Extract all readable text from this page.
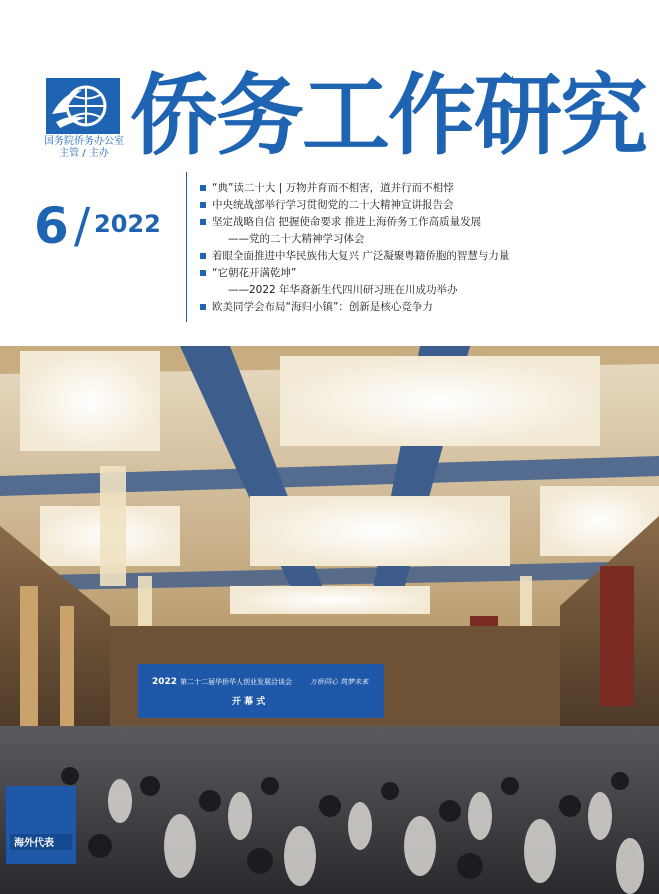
国务院侨务办公室
主管 / 主办 侨务工作研究
6 / 2022
“典”读二十大 | 万物并育而不相害，道并行而不相悖
中央统战部举行学习贯彻党的二十大精神宣讲报告会
坚定战略自信 把握使命要求 推进上海侨务工作高质量发展
——党的二十大精神学习体会
着眼全面推进中华民族伟大复兴 广泛凝聚粤籍侨胞的智慧与力量
“它朝花开满乾坤”
——2022 年华裔新生代四川研习班在川成功举办
欧美同学会布局“海归小镇”：创新是核心竞争力
2022 第二十二届华侨华人创业发展洽谈会	万侨同心 筑梦未来
开 幕 式
海外代表
